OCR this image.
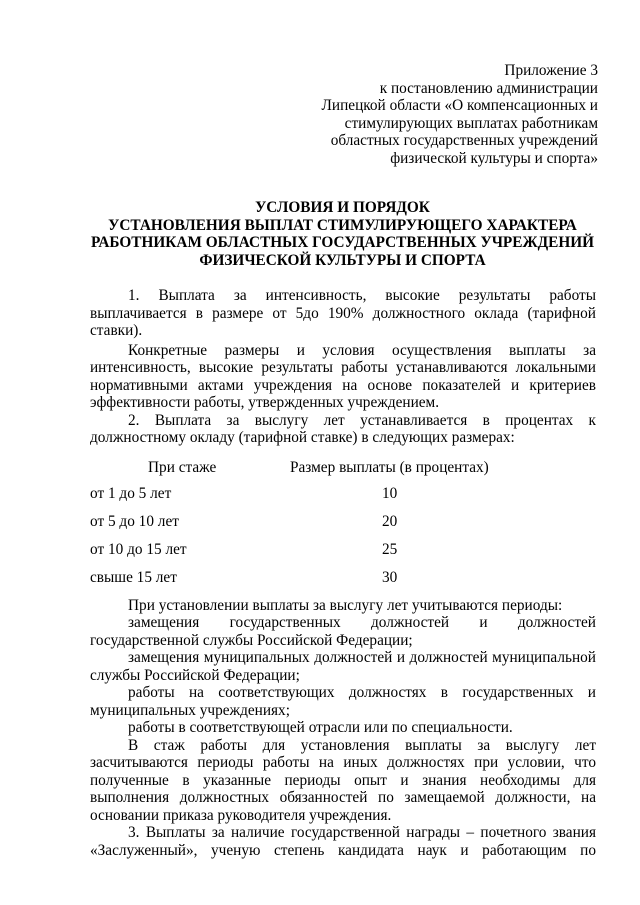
Приложение 3
к постановлению администрации
Липецкой области «О компенсационных и
стимулирующих выплатах работникам
областных государственных учреждений
физической культуры и спорта»
УСЛОВИЯ И ПОРЯДОК
УСТАНОВЛЕНИЯ ВЫПЛАТ СТИМУЛИРУЮЩЕГО ХАРАКТЕРА
РАБОТНИКАМ ОБЛАСТНЫХ ГОСУДАРСТВЕННЫХ УЧРЕЖДЕНИЙ
ФИЗИЧЕСКОЙ КУЛЬТУРЫ И СПОРТА
1. Выплата за интенсивность, высокие результаты работы выплачивается в размере от 5до 190% должностного оклада (тарифной ставки).
Конкретные размеры и условия осуществления выплаты за интенсивность, высокие результаты работы устанавливаются локальными нормативными актами учреждения на основе показателей и критериев эффективности работы, утвержденных учреждением.
2. Выплата за выслугу лет устанавливается в процентах к должностному окладу (тарифной ставке) в следующих размерах:
При стаже	Размер выплаты (в процентах)
от 1 до 5 лет	10
от 5 до 10 лет	20
от 10 до 15 лет	25
свыше 15 лет	30
При установлении выплаты за выслугу лет учитываются периоды:
замещения государственных должностей и должностей государственной службы Российской Федерации;
замещения муниципальных должностей и должностей муниципальной службы Российской Федерации;
работы на соответствующих должностях в государственных и муниципальных учреждениях;
работы в соответствующей отрасли или по специальности.
В стаж работы для установления выплаты за выслугу лет засчитываются периоды работы на иных должностях при условии, что полученные в указанные периоды опыт и знания необходимы для выполнения должностных обязанностей по замещаемой должности, на основании приказа руководителя учреждения.
3. Выплаты за наличие государственной награды – почетного звания «Заслуженный», ученую степень кандидата наук и работающим по
